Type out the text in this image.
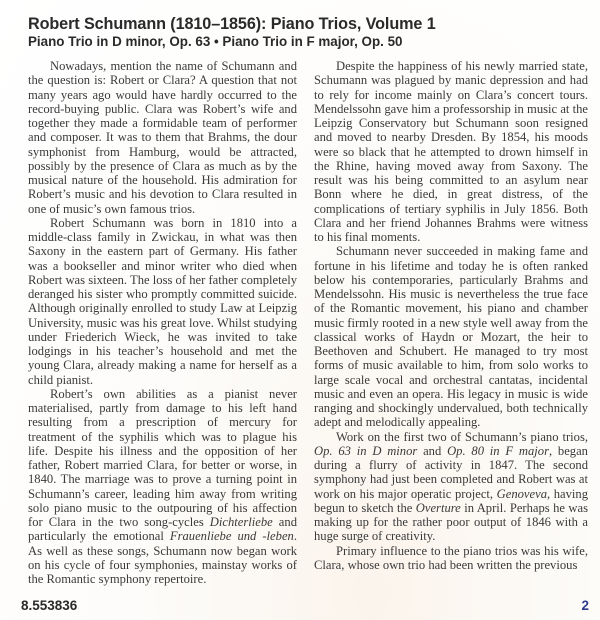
Robert Schumann (1810–1856): Piano Trios, Volume 1
Piano Trio in D minor, Op. 63 • Piano Trio in F major, Op. 50

Nowadays, mention the name of Schumann and the question is: Robert or Clara? A question that not many years ago would have hardly occurred to the record-buying public. Clara was Robert’s wife and together they made a formidable team of performer and composer. It was to them that Brahms, the dour symphonist from Hamburg, would be attracted, possibly by the presence of Clara as much as by the musical nature of the household. His admiration for Robert’s music and his devotion to Clara resulted in one of music’s own famous trios.

Robert Schumann was born in 1810 into a middle-class family in Zwickau, in what was then Saxony in the eastern part of Germany. His father was a bookseller and minor writer who died when Robert was sixteen. The loss of her father completely deranged his sister who promptly committed suicide. Although originally enrolled to study Law at Leipzig University, music was his great love. Whilst studying under Friederich Wieck, he was invited to take lodgings in his teacher’s household and met the young Clara, already making a name for herself as a child pianist.

Robert’s own abilities as a pianist never materialised, partly from damage to his left hand resulting from a prescription of mercury for treatment of the syphilis which was to plague his life. Despite his illness and the opposition of her father, Robert married Clara, for better or worse, in 1840. The marriage was to prove a turning point in Schumann’s career, leading him away from writing solo piano music to the outpouring of his affection for Clara in the two song-cycles Dichterliebe and particularly the emotional Frauenliebe und -leben. As well as these songs, Schumann now began work on his cycle of four symphonies, mainstay works of the Romantic symphony repertoire.

Despite the happiness of his newly married state, Schumann was plagued by manic depression and had to rely for income mainly on Clara’s concert tours. Mendelssohn gave him a professorship in music at the Leipzig Conservatory but Schumann soon resigned and moved to nearby Dresden. By 1854, his moods were so black that he attempted to drown himself in the Rhine, having moved away from Saxony. The result was his being committed to an asylum near Bonn where he died, in great distress, of the complications of tertiary syphilis in July 1856. Both Clara and her friend Johannes Brahms were witness to his final moments.

Schumann never succeeded in making fame and fortune in his lifetime and today he is often ranked below his contemporaries, particularly Brahms and Mendelssohn. His music is nevertheless the true face of the Romantic movement, his piano and chamber music firmly rooted in a new style well away from the classical works of Haydn or Mozart, the heir to Beethoven and Schubert. He managed to try most forms of music available to him, from solo works to large scale vocal and orchestral cantatas, incidental music and even an opera. His legacy in music is wide ranging and shockingly undervalued, both technically adept and melodically appealing.

Work on the first two of Schumann’s piano trios, Op. 63 in D minor and Op. 80 in F major, began during a flurry of activity in 1847. The second symphony had just been completed and Robert was at work on his major operatic project, Genoveva, having begun to sketch the Overture in April. Perhaps he was making up for the rather poor output of 1846 with a huge surge of creativity.

Primary influence to the piano trios was his wife, Clara, whose own trio had been written the previous

8.553836	2
